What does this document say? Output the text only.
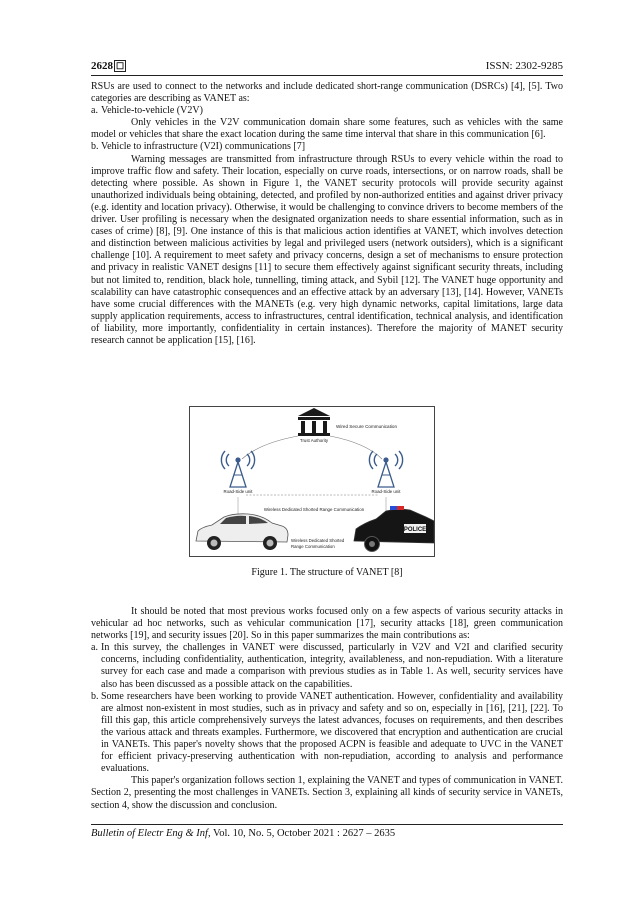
2628 ☐	ISSN: 2302-9285

RSUs are used to connect to the networks and include dedicated short-range communication (DSRCs) [4], [5]. Two categories are describing as VANET as:

a. Vehicle-to-vehicle (V2V)

Only vehicles in the V2V communication domain share some features, such as vehicles with the same model or vehicles that share the exact location during the same time interval that share in this communication [6].

b. Vehicle to infrastructure (V2I) communications [7]

Warning messages are transmitted from infrastructure through RSUs to every vehicle within the road to improve traffic flow and safety. Their location, especially on curve roads, intersections, or on narrow roads, shall be detecting where possible. As shown in Figure 1, the VANET security protocols will provide security against unauthorized individuals being obtaining, detected, and profiled by non-authorized entities and against driver privacy (e.g. identity and location privacy). Otherwise, it would be challenging to convince drivers to become members of the driver. User profiling is necessary when the designated organization needs to share essential information, such as in cases of crime) [8], [9]. One instance of this is that malicious action identifies at VANET, which involves detection and distinction between malicious activities by legal and privileged users (network outsiders), which is a significant challenge [10]. A requirement to meet safety and privacy concerns, design a set of mechanisms to ensure protection and privacy in realistic VANET designs [11] to secure them effectively against significant security threats, including but not limited to, rendition, black hole, tunnelling, timing attack, and Sybil [12]. The VANET huge opportunity and scalability can have catastrophic consequences and an effective attack by an adversary [13], [14]. However, VANETs have some crucial differences with the MANETs (e.g. very high dynamic networks, capital limitations, large data supply application requirements, access to infrastructures, central identification, technical analysis, and identification of liability, more importantly, confidentiality in certain instances). Therefore the majority of MANET security research cannot be application [15], [16].

POLICE
Wired Secure Communication
Trust Authority
Road-Side unit	Road-Side unit
Wireless Dedicated Shorted Range Communication
Wireless Dedicated Shorted
Range Communication
Figure 1. The structure of VANET [8]

It should be noted that most previous works focused only on a few aspects of various security attacks in vehicular ad hoc networks, such as vehicular communication [17], security attacks [18], green communication networks [19], and security issues [20]. So in this paper summarizes the main contributions as:

a. In this survey, the challenges in VANET were discussed, particularly in V2V and V2I and clarified security concerns, including confidentiality, authentication, integrity, availableness, and non-repudiation. With a literature survey for each case and made a comparison with previous studies as in Table 1. As well, security services have also has been discussed as a possible attack on the capabilities.

b. Some researchers have been working to provide VANET authentication. However, confidentiality and availability are almost non-existent in most studies, such as in privacy and safety and so on, especially in [16], [21], [22]. To fill this gap, this article comprehensively surveys the latest advances, focuses on requirements, and then describes the various attack and threats examples. Furthermore, we discovered that encryption and authentication are crucial in VANETs. This paper's novelty shows that the proposed ACPN is feasible and adequate to UVC in the VANET for efficient privacy-preserving authentication with non-repudiation, according to analysis and performance evaluations.

This paper's organization follows section 1, explaining the VANET and types of communication in VANET. Section 2, presenting the most challenges in VANETs. Section 3, explaining all kinds of security service in VANETs, section 4, show the discussion and conclusion.

Bulletin of Electr Eng & Inf, Vol. 10, No. 5, October 2021 : 2627 – 2635
